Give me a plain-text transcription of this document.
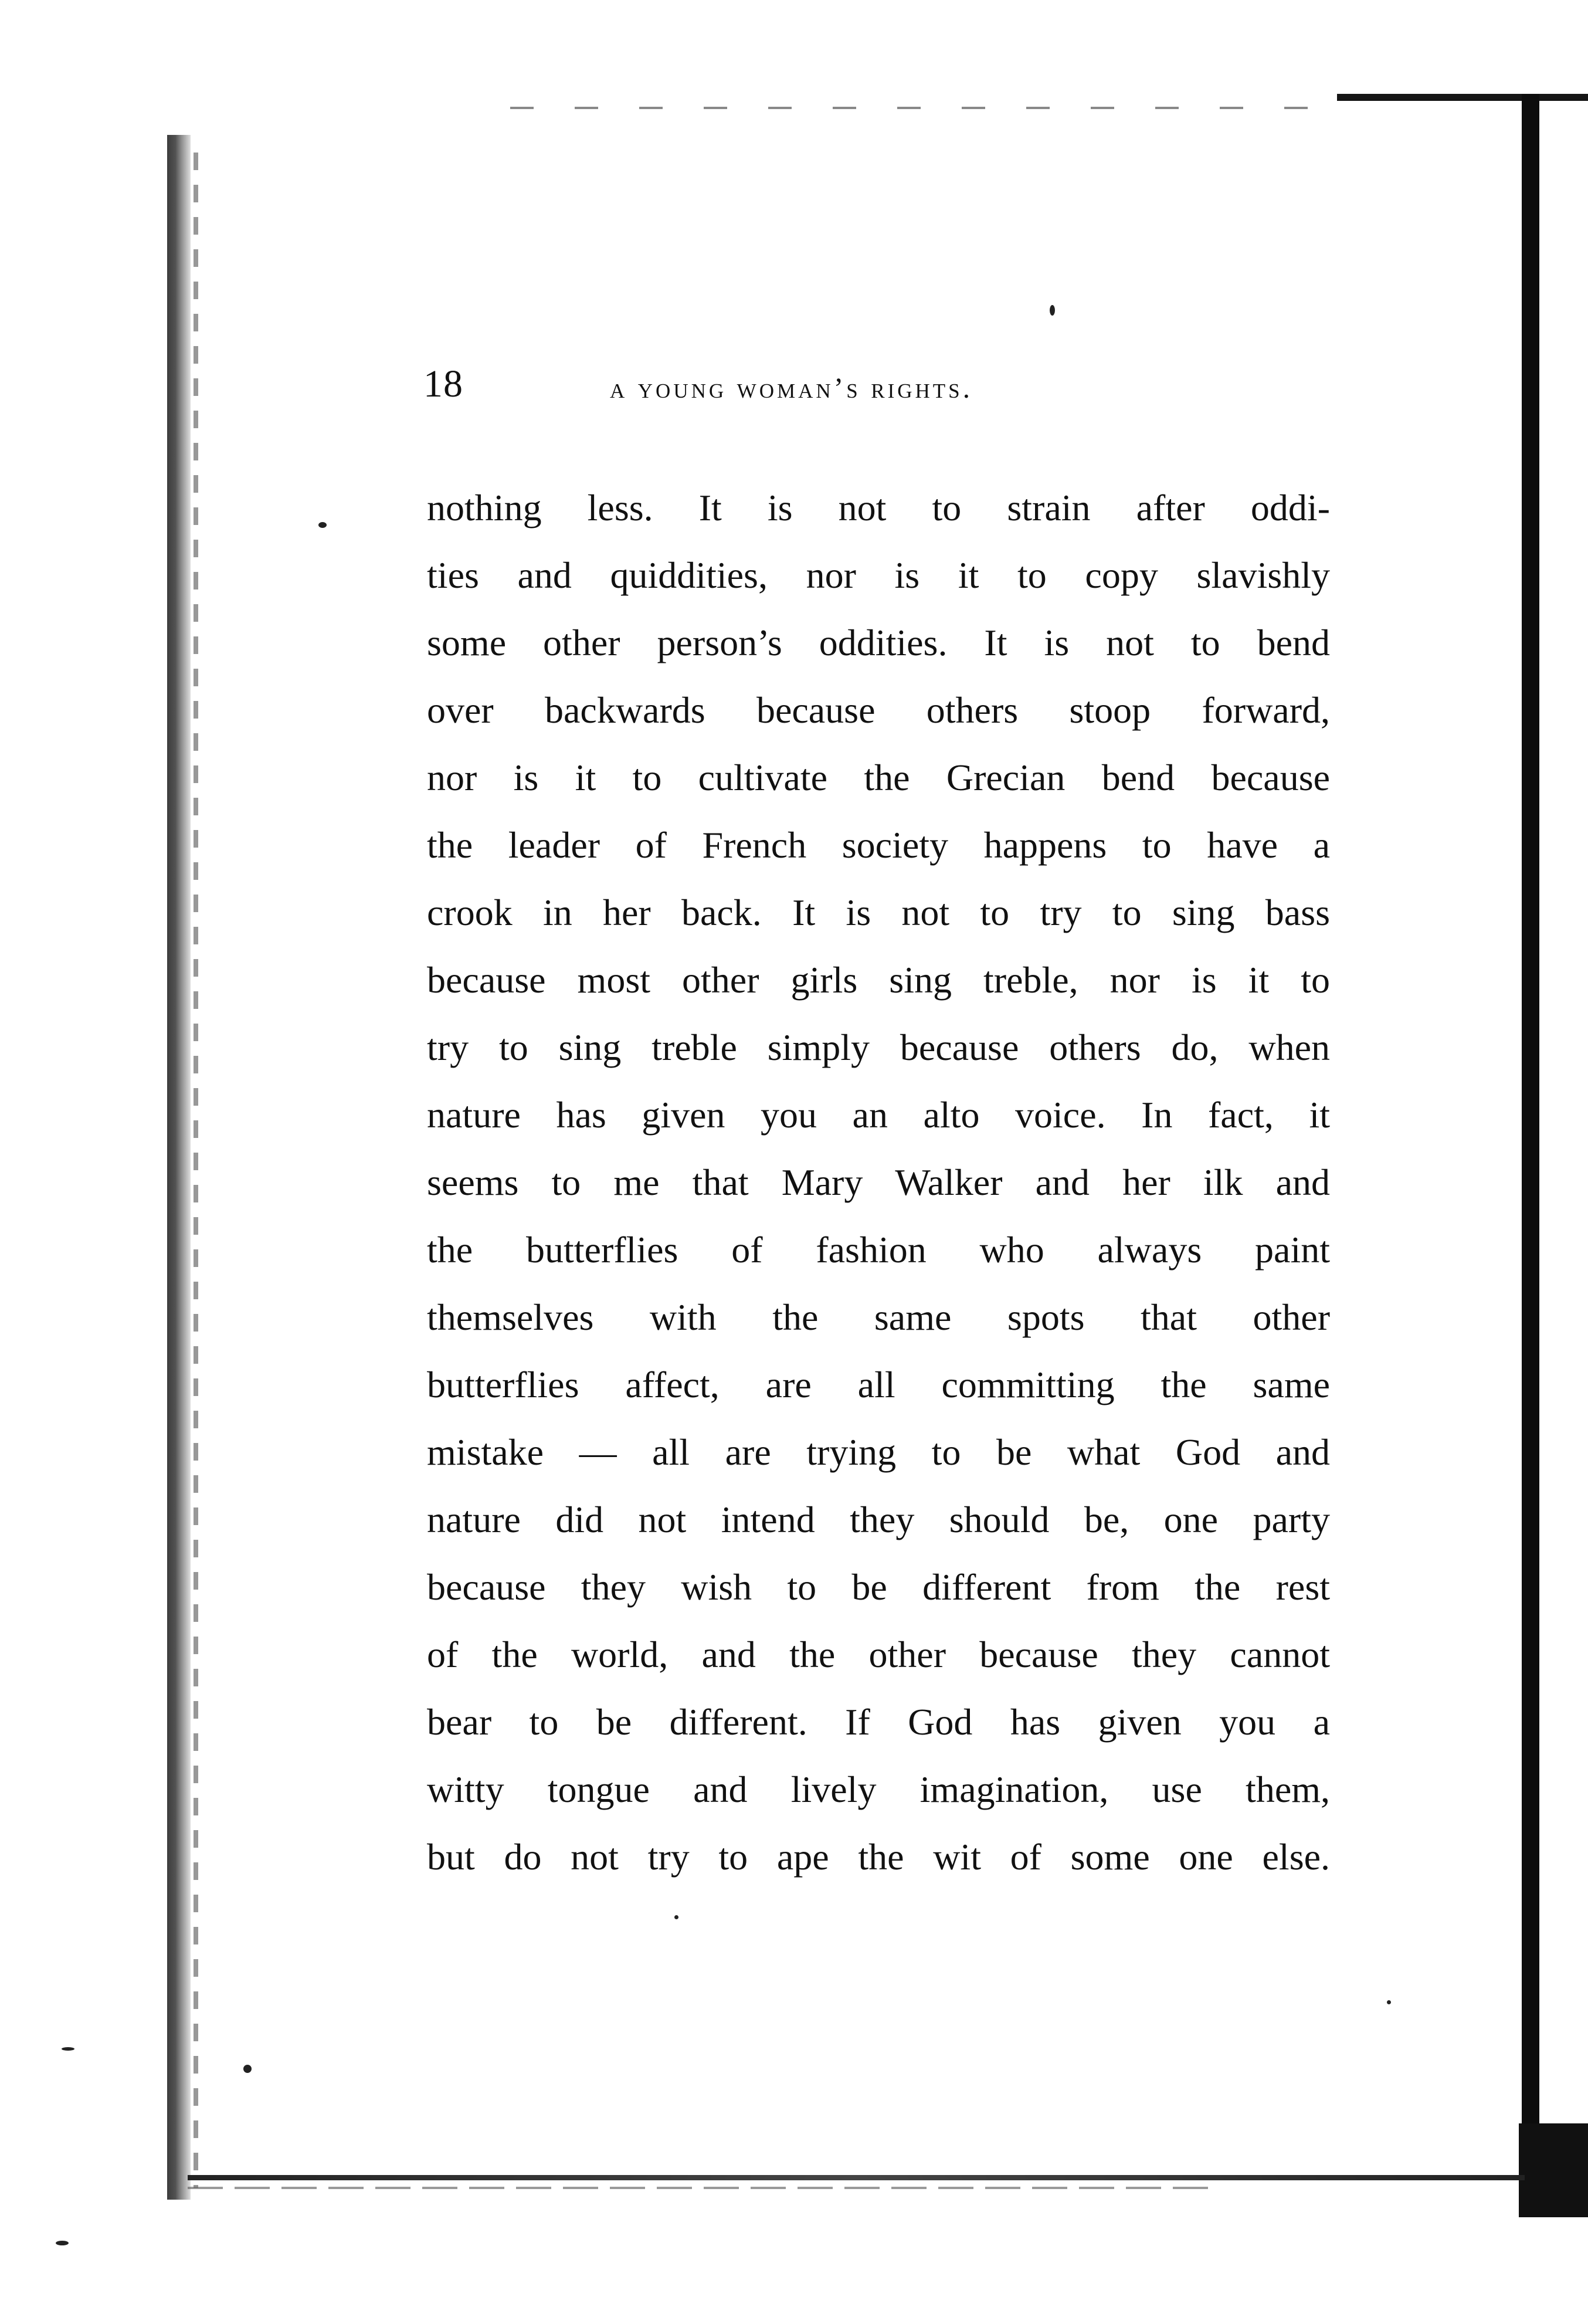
18	a young woman’s rights.
nothing less. It is not to strain after oddi-
ties and quiddities, nor is it to copy slavishly
some other person’s oddities. It is not to bend
over backwards because others stoop forward,
nor is it to cultivate the Grecian bend because
the leader of French society happens to have a
crook in her back. It is not to try to sing bass
because most other girls sing treble, nor is it to
try to sing treble simply because others do, when
nature has given you an alto voice. In fact, it
seems to me that Mary Walker and her ilk and
the butterflies of fashion who always paint
themselves with the same spots that other
butterflies affect, are all committing the same
mistake — all are trying to be what God and
nature did not intend they should be, one party
because they wish to be different from the rest
of the world, and the other because they cannot
bear to be different. If God has given you a
witty tongue and lively imagination, use them,
but do not try to ape the wit of some one else.
